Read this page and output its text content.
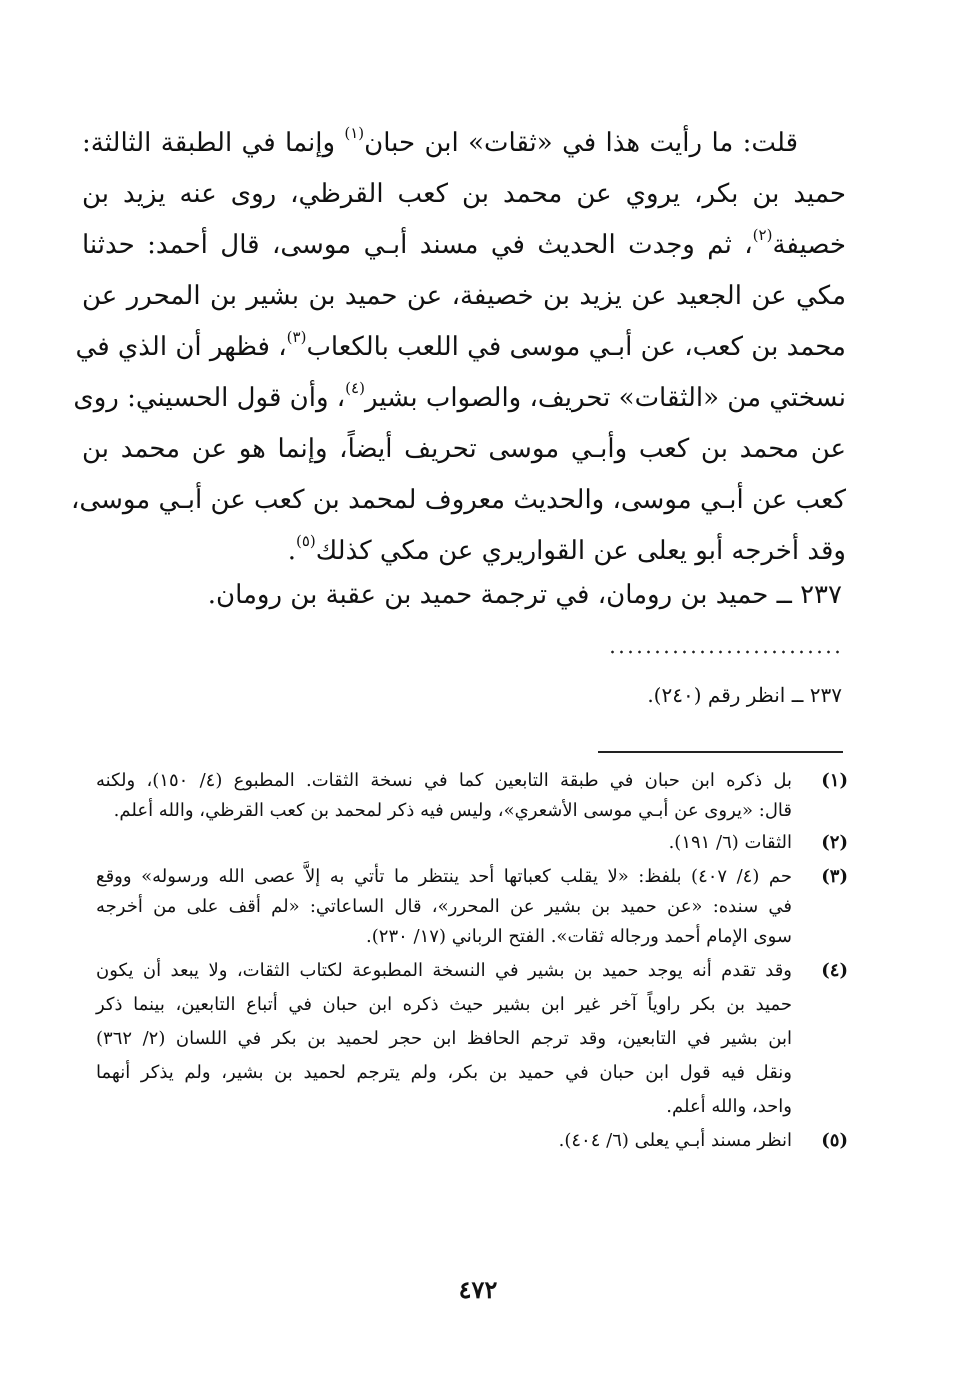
قلت: ما رأيت هذا في «ثقات» ابن حبان$^{(١)}$ وإنما في الطبقة الثالثة:
حميد بن بكر، يروي عن محمد بن كعب القرظي، روى عنه يزيد بن
خصيفة$^{(٢)}$، ثم وجدت الحديث في مسند أبـي موسى، قال أحمد: حدثنا
مكي عن الجعيد عن يزيد بن خصيفة، عن حميد بن بشير بن المحرر عن
محمد بن كعب، عن أبـي موسى في اللعب بالكعاب$^{(٣)}$، فظهر أن الذي في
نسختي من «الثقات» تحريف، والصواب بشير$^{(٤)}$، وأن قول الحسيني: روى
عن محمد بن كعب وأبـي موسى تحريف أيضاً، وإنما هو عن محمد بن
كعب عن أبـي موسى، والحديث معروف لمحمد بن كعب عن أبـي موسى،
وقد أخرجه أبو يعلى عن القواريري عن مكي كذلك$^{(٥)}$.
٢٣٧ ــ حميد بن رومان، في ترجمة حميد بن عقبة بن رومان.
٢٣٧ ــ انظر رقم (٢٤٠).
(١)
بل ذكره ابن حبان في طبقة التابعين كما في نسخة الثقات. المطبوع (٤/ ١٥٠)، ولكنه
قال: «يروى عن أبـي موسى الأشعري»، وليس فيه ذكر لمحمد بن كعب القرظي، والله أعلم.
(٢)
الثقات (٦/ ١٩١).
(٣)
حم (٤/ ٤٠٧) بلفظ: «لا يقلب كعباتها أحد ينتظر ما تأتي به إلاَّ عصى الله ورسوله» ووقع
في سنده: «عن حميد بن بشير عن المحرر»، قال الساعاتي: «لم أقف على من أخرجه
سوى الإمام أحمد ورجاله ثقات». الفتح الرباني (١٧/ ٢٣٠).
(٤)
وقد تقدم أنه يوجد حميد بن بشير في النسخة المطبوعة لكتاب الثقات، ولا يبعد أن يكون
حميد بن بكر راوياً آخر غير ابن بشير حيث ذكره ابن حبان في أتباع التابعين، بينما ذكر
ابن بشير في التابعين، وقد ترجم الحافظ ابن حجر لحميد بن بكر في اللسان (٢/ ٣٦٢)
ونقل فيه قول ابن حبان في حميد بن بكر، ولم يترجم لحميد بن بشير، ولم يذكر أنهما
واحد، والله أعلم.
(٥)
انظر مسند أبـي يعلى (٦/ ٤٠٤).
٤٧٢
